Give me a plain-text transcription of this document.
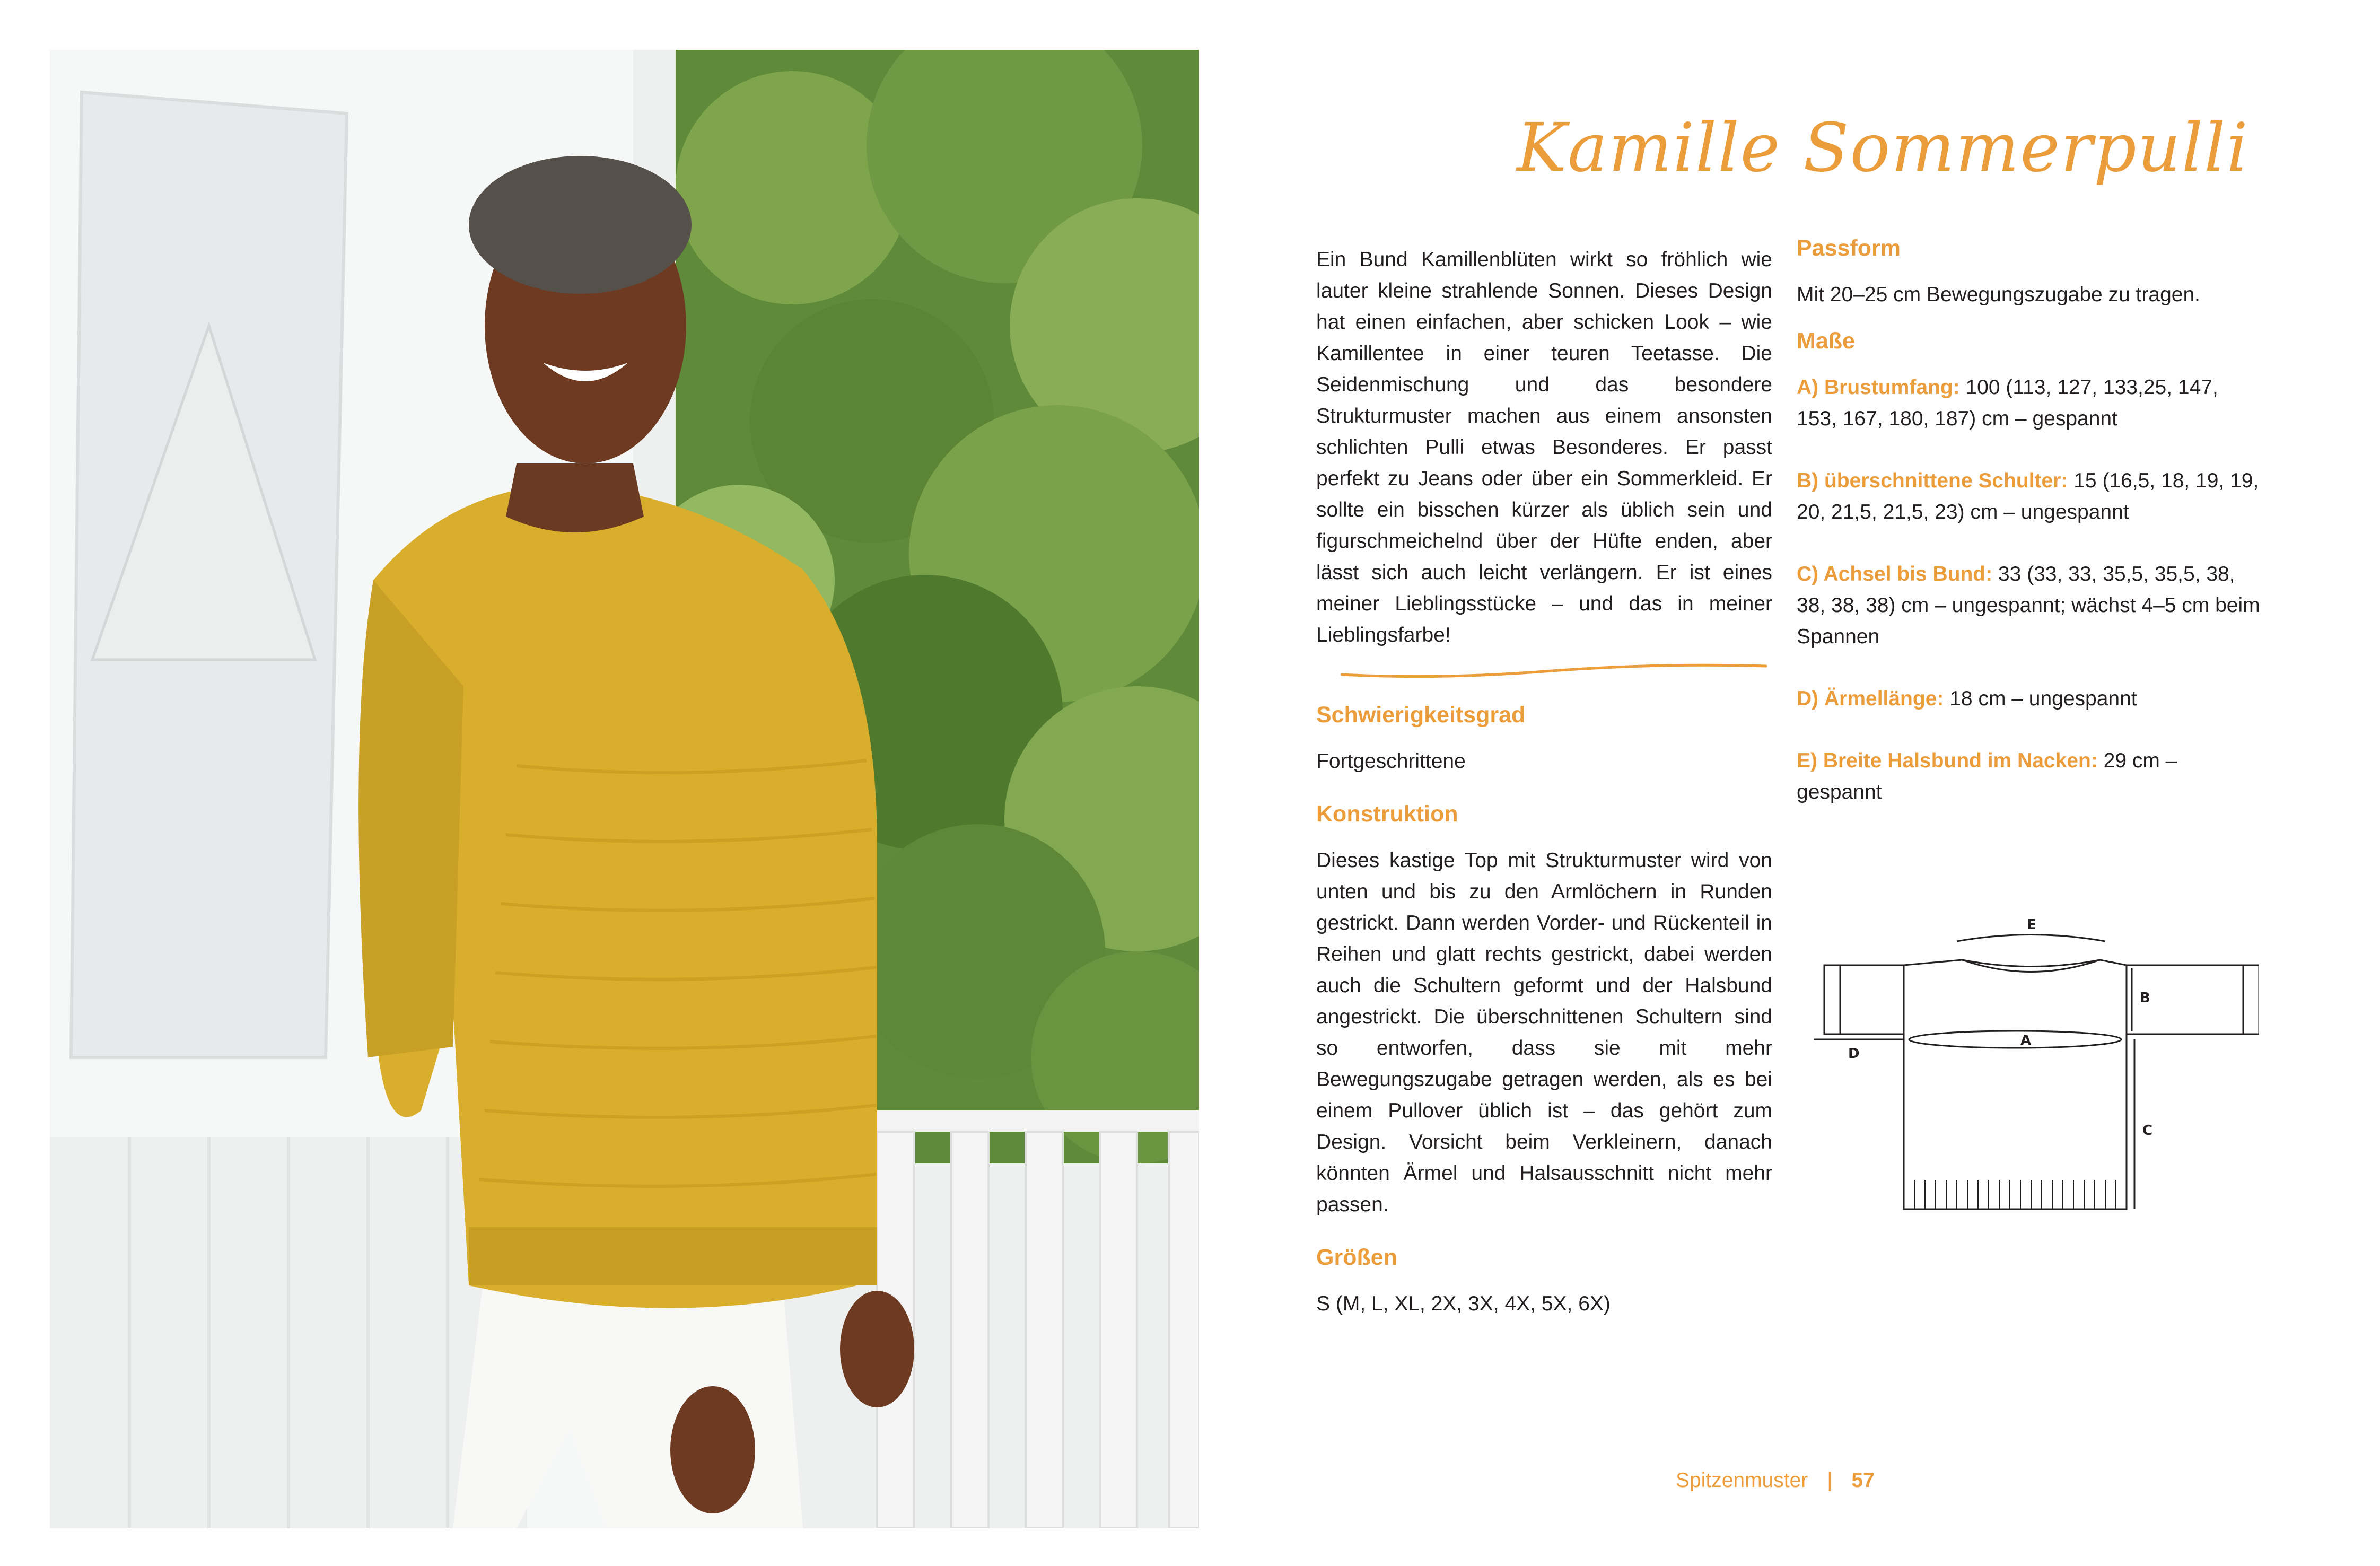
Kamille Sommerpulli

Ein Bund Kamillenblüten wirkt so fröhlich wie lauter kleine strahlende Sonnen. Dieses Design hat einen einfachen, aber schicken Look – wie Kamillentee in einer teuren Teetasse. Die Seidenmischung und das besondere Strukturmuster machen aus einem ansonsten schlichten Pulli etwas Besonderes. Er passt perfekt zu Jeans oder über ein Sommerkleid. Er sollte ein bisschen kürzer als üblich sein und figurschmeichelnd über der Hüfte enden, aber lässt sich auch leicht verlängern. Er ist eines meiner Lieblingsstücke – und das in meiner Lieblingsfarbe!

Schwierigkeitsgrad

Fortgeschrittene

Konstruktion

Dieses kastige Top mit Strukturmuster wird von unten und bis zu den Armlöchern in Runden gestrickt. Dann werden Vorder- und Rückenteil in Reihen und glatt rechts gestrickt, dabei werden auch die Schultern geformt und der Halsbund angestrickt. Die überschnittenen Schultern sind so entworfen, dass sie mit mehr Bewegungszugabe getragen werden, als es bei einem Pullover üblich ist – das gehört zum Design. Vorsicht beim Verkleinern, danach könnten Ärmel und Halsausschnitt nicht mehr passen.

Größen

S (M, L, XL, 2X, 3X, 4X, 5X, 6X)

Passform

Mit 20–25 cm Bewegungszugabe zu tragen.

Maße

A) Brustumfang: 100 (113, 127, 133,25, 147, 153, 167, 180, 187) cm – gespannt

B) überschnittene Schulter: 15 (16,5, 18, 19, 19, 20, 21,5, 21,5, 23) cm – ungespannt

C) Achsel bis Bund: 33 (33, 33, 35,5, 35,5, 38, 38, 38, 38) cm – ungespannt; wächst 4–5 cm beim Spannen

D) Ärmellänge: 18 cm – ungespannt

E) Breite Halsbund im Nacken: 29 cm – gespannt

E
B
C
D
A
Spitzenmuster | 57
